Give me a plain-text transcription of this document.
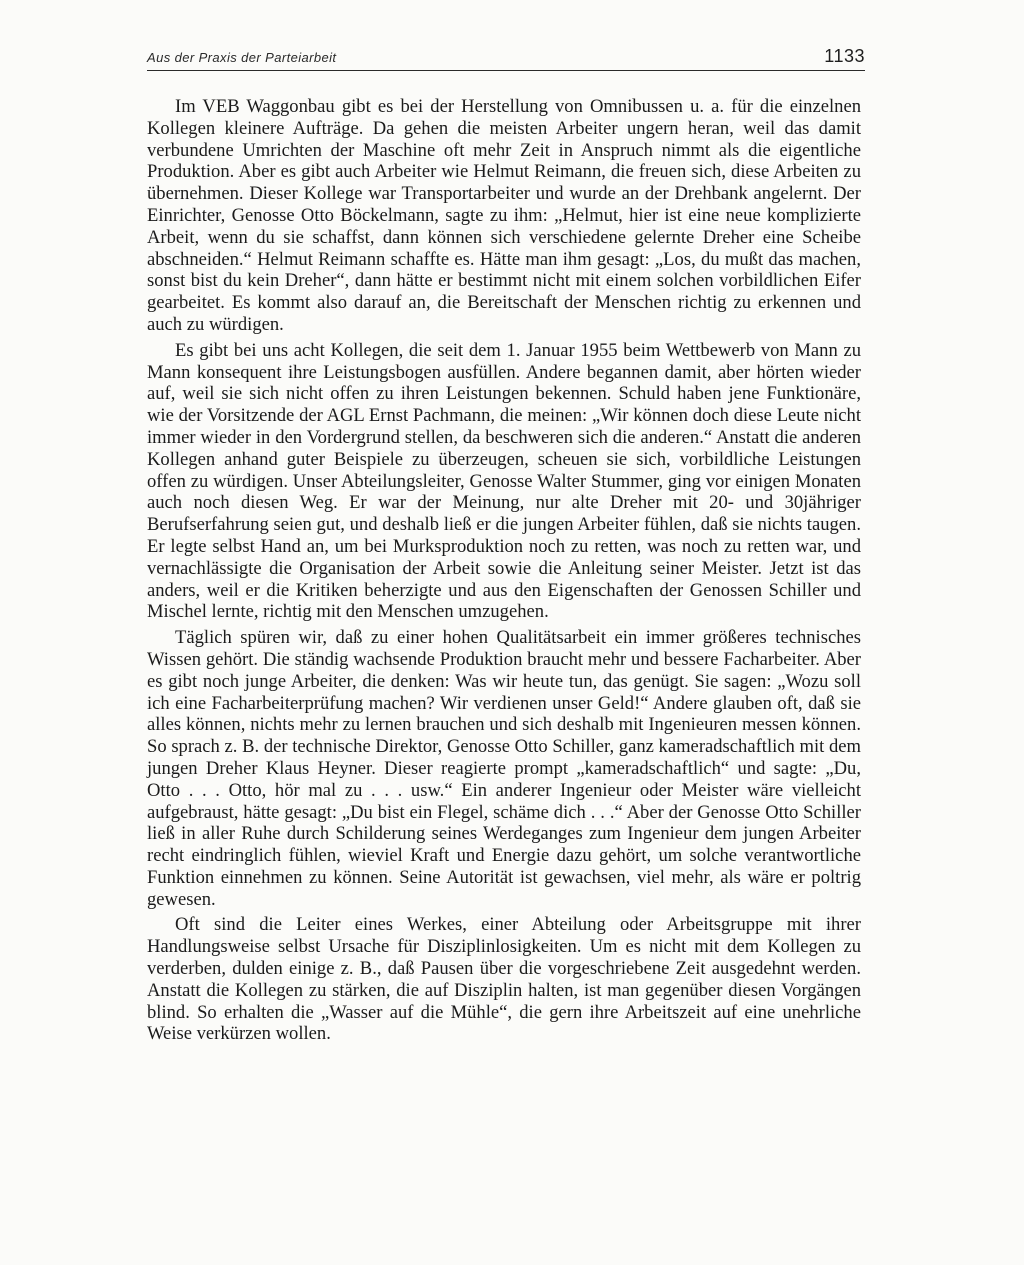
Aus der Praxis der Parteiarbeit	1133

Im VEB Waggonbau gibt es bei der Herstellung von Omnibussen u. a. für die einzelnen Kollegen kleinere Aufträge. Da gehen die meisten Arbeiter ungern heran, weil das damit verbundene Umrichten der Maschine oft mehr Zeit in Anspruch nimmt als die eigentliche Produktion. Aber es gibt auch Arbeiter wie Helmut Reimann, die freuen sich, diese Arbeiten zu übernehmen. Dieser Kollege war Transportarbeiter und wurde an der Drehbank angelernt. Der Einrichter, Genosse Otto Böckelmann, sagte zu ihm: „Helmut, hier ist eine neue komplizierte Arbeit, wenn du sie schaffst, dann können sich verschiedene gelernte Dreher eine Scheibe abschneiden.“ Helmut Reimann schaffte es. Hätte man ihm gesagt: „Los, du mußt das machen, sonst bist du kein Dreher“, dann hätte er bestimmt nicht mit einem solchen vorbildlichen Eifer gearbeitet. Es kommt also darauf an, die Bereitschaft der Menschen richtig zu erkennen und auch zu würdigen.

Es gibt bei uns acht Kollegen, die seit dem 1. Januar 1955 beim Wettbewerb von Mann zu Mann konsequent ihre Leistungsbogen ausfüllen. Andere begannen damit, aber hörten wieder auf, weil sie sich nicht offen zu ihren Leistungen bekennen. Schuld haben jene Funktionäre, wie der Vorsitzende der AGL Ernst Pachmann, die meinen: „Wir können doch diese Leute nicht immer wieder in den Vordergrund stellen, da beschweren sich die anderen.“ Anstatt die anderen Kollegen anhand guter Beispiele zu überzeugen, scheuen sie sich, vorbildliche Leistungen offen zu würdigen. Unser Abteilungsleiter, Genosse Walter Stummer, ging vor einigen Monaten auch noch diesen Weg. Er war der Meinung, nur alte Dreher mit 20- und 30jähriger Berufserfahrung seien gut, und deshalb ließ er die jungen Arbeiter fühlen, daß sie nichts taugen. Er legte selbst Hand an, um bei Murksproduktion noch zu retten, was noch zu retten war, und vernachlässigte die Organisation der Arbeit sowie die Anleitung seiner Meister. Jetzt ist das anders, weil er die Kritiken beherzigte und aus den Eigenschaften der Genossen Schiller und Mischel lernte, richtig mit den Menschen umzugehen.

Täglich spüren wir, daß zu einer hohen Qualitätsarbeit ein immer größeres technisches Wissen gehört. Die ständig wachsende Produktion braucht mehr und bessere Facharbeiter. Aber es gibt noch junge Arbeiter, die denken: Was wir heute tun, das genügt. Sie sagen: „Wozu soll ich eine Facharbeiterprüfung machen? Wir verdienen unser Geld!“ Andere glauben oft, daß sie alles können, nichts mehr zu lernen brauchen und sich deshalb mit Ingenieuren messen können. So sprach z. B. der technische Direktor, Genosse Otto Schiller, ganz kameradschaftlich mit dem jungen Dreher Klaus Heyner. Dieser reagierte prompt „kameradschaftlich“ und sagte: „Du, Otto . . . Otto, hör mal zu . . . usw.“ Ein anderer Ingenieur oder Meister wäre vielleicht aufgebraust, hätte gesagt: „Du bist ein Flegel, schäme dich . . .“ Aber der Genosse Otto Schiller ließ in aller Ruhe durch Schilderung seines Werdeganges zum Ingenieur dem jungen Arbeiter recht eindringlich fühlen, wieviel Kraft und Energie dazu gehört, um solche verantwortliche Funktion einnehmen zu können. Seine Autorität ist gewachsen, viel mehr, als wäre er poltrig gewesen.

Oft sind die Leiter eines Werkes, einer Abteilung oder Arbeitsgruppe mit ihrer Handlungsweise selbst Ursache für Disziplinlosigkeiten. Um es nicht mit dem Kollegen zu verderben, dulden einige z. B., daß Pausen über die vorgeschriebene Zeit ausgedehnt werden. Anstatt die Kollegen zu stärken, die auf Disziplin halten, ist man gegenüber diesen Vorgängen blind. So erhalten die „Wasser auf die Mühle“, die gern ihre Arbeitszeit auf eine unehrliche Weise verkürzen wollen.
